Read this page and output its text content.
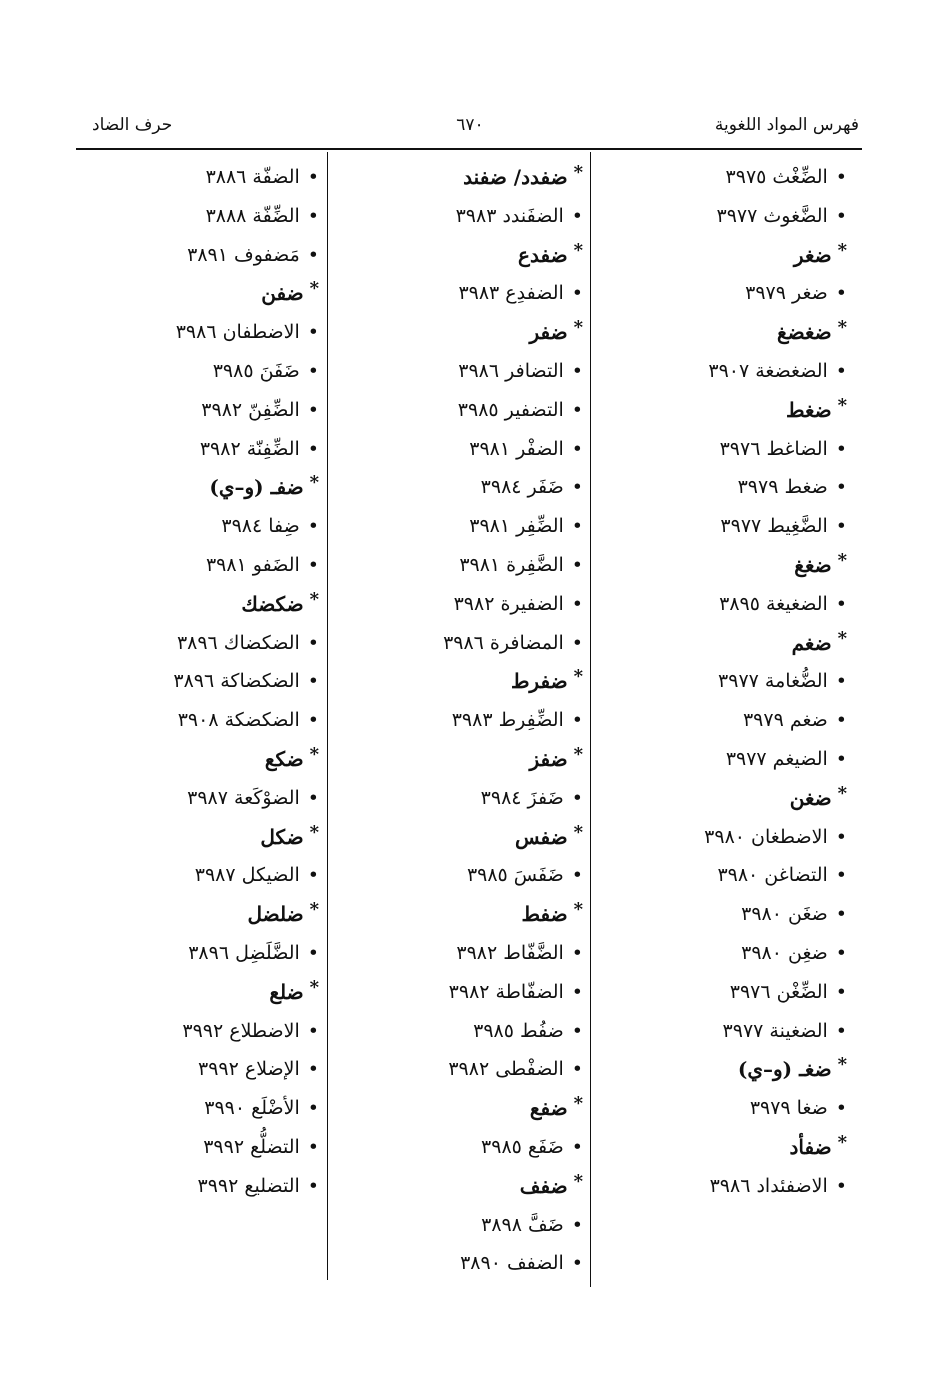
فهرس المواد اللغوية
٦٧٠
حرف الضاد
•الضِّغْث ٣٩٧٥
•الضَّغوث ٣٩٧٧
*ضغر
•ضغر ٣٩٧٩
*ضغضغ
•الضغضغة ٣٩٠٧
*ضغط
•الضاغط ٣٩٧٦
•ضغط ٣٩٧٩
•الضَّغِيط ٣٩٧٧
*ضغغ
•الضغيغة ٣٨٩٥
*ضغم
•الضُّغامة ٣٩٧٧
•ضغم ٣٩٧٩
•الضيغم ٣٩٧٧
*ضغن
•الاضطغان ٣٩٨٠
•التضاغن ٣٩٨٠
•ضغَن ٣٩٨٠
•ضغِن ٣٩٨٠
•الضِّغْن ٣٩٧٦
•الضغينة ٣٩٧٧
*ضغـ (و–ي)
•ضغا ٣٩٧٩
*ضفأد
•الاضفئداد ٣٩٨٦
*ضفدد/ ضفند
•الضفَندد ٣٩٨٣
*ضفدع
•الضفدِع ٣٩٨٣
*ضفر
•التضافر ٣٩٨٦
•التضفير ٣٩٨٥
•الضفْر ٣٩٨١
•ضَفَر ٣٩٨٤
•الضِّفِر ٣٩٨١
•الضَّفِرة ٣٩٨١
•الضفيرة ٣٩٨٢
•المضافرة ٣٩٨٦
*ضفرط
•الضِّفِرط ٣٩٨٣
*ضفز
•ضَفزَ ٣٩٨٤
*ضفس
•ضَفَسَ ٣٩٨٥
*ضفط
•الضَّفّاط ٣٩٨٢
•الضفّاطة ٣٩٨٢
•ضفُط ٣٩٨٥
•الضفْطى ٣٩٨٢
*ضفع
•ضَفَع ٣٩٨٥
*ضفف
•ضَفَّ ٣٨٩٨
•الضفف ٣٨٩٠
•الضفّة ٣٨٨٦
•الضِّفّة ٣٨٨٨
•مَضفوف ٣٨٩١
*ضفن
•الاضطفان ٣٩٨٦
•ضَفَنَ ٣٩٨٥
•الضِّفِنّ ٣٩٨٢
•الضِّفِنّة ٣٩٨٢
*ضفـ (و–ي)
•ضِفا ٣٩٨٤
•الضَفو ٣٩٨١
*ضكضك
•الضكضاك ٣٨٩٦
•الضكضاكة ٣٨٩٦
•الضكضكة ٣٩٠٨
*ضكع
•الضوْكَعة ٣٩٨٧
*ضكل
•الضيكل ٣٩٨٧
*ضلضل
•الضَّلَضِل ٣٨٩٦
*ضلع
•الاضطلاع ٣٩٩٢
•الإضلاع ٣٩٩٢
•الأضْلَع ٣٩٩٠
•التضلُّع ٣٩٩٢
•التضليع ٣٩٩٢
